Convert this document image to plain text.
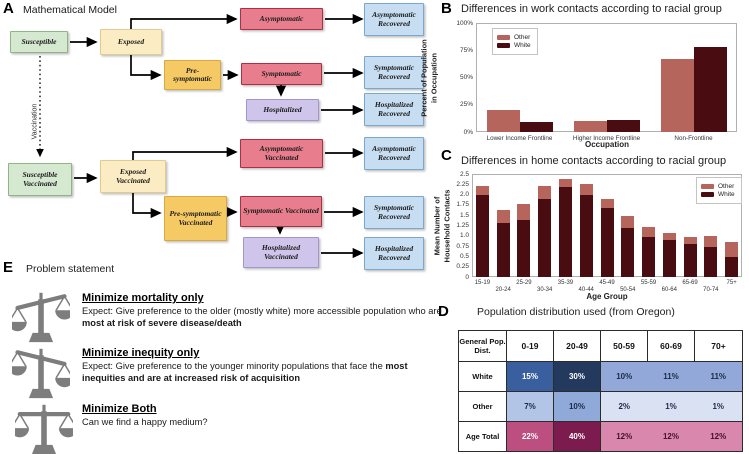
A Mathematical Model
Susceptible	Exposed
Asymptomatic	Asymptomatic Recovered
Pre-symptomatic
Symptomatic
Symptomatic Recovered
Hospitalized
Hospitalized Recovered
Susceptible Vaccinated
Exposed Vaccinated
Asymptomatic Vaccinated
Asymptomatic Recovered
Pre-symptomatic Vaccinated
Symptomatic Vaccinated	Symptomatic Recovered
Hospitalized Vaccinated
Hospitalized Recovered
Vaccination
B Differences in work contacts according to racial group
Percent of Population in Occupation
0%
25%
50%
75%
100%
Lower Income Frontline	Higher Income Frontline	Non-Frontline
Other
White
Occupation
C Differences in home contacts according to racial group
Mean Number of Household Contacts
0
0.25
0.5
0.75
1.0
1.25
1.5
1.75
2.0
2.25
2.5
15-19
20-24
25-29
30-34
35-39
40-44
45-49
50-54
55-59
60-64
65-69
70-74
75+
Other
White
Age Group
D	Population distribution used (from Oregon)
General Pop. Dist.	0-19	20-49	50-59	60-69	70+
White	15%	30%	10%	11%	11%
Other	7%	10%	2%	1%	1%
Age Total	22%	40%	12%	12%	12%
E Problem statement
Minimize mortality only
Expect: Give preference to the older (mostly white) more accessible population who are most at risk of severe disease/death
Minimize inequity only
Expect: Give preference to the younger minority populations that face the most inequities and are at increased risk of acquisition
Minimize Both
Can we find a happy medium?
